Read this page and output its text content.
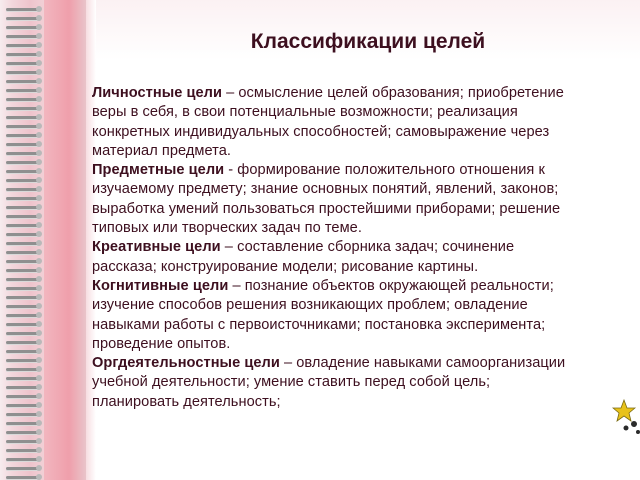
Классификации целей

Личностные цели – осмысление целей образования; приобретение веры в себя, в свои потенциальные возможности; реализация конкретных индивидуальных способностей; самовыражение через материал предмета.

Предметные цели - формирование положительного отношения к изучаемому предмету; знание основных понятий, явлений, законов; выработка умений пользоваться простейшими приборами; решение типовых или творческих задач по теме.

Креативные цели – составление сборника задач; сочинение рассказа; конструирование модели; рисование картины.

Когнитивные цели – познание объектов окружающей реальности; изучение способов решения возникающих проблем; овладение навыками работы с первоисточниками; постановка эксперимента; проведение опытов.

Оргдеятельностные цели – овладение навыками самоорганизации учебной деятельности; умение ставить перед собой цель; планировать деятельность;
